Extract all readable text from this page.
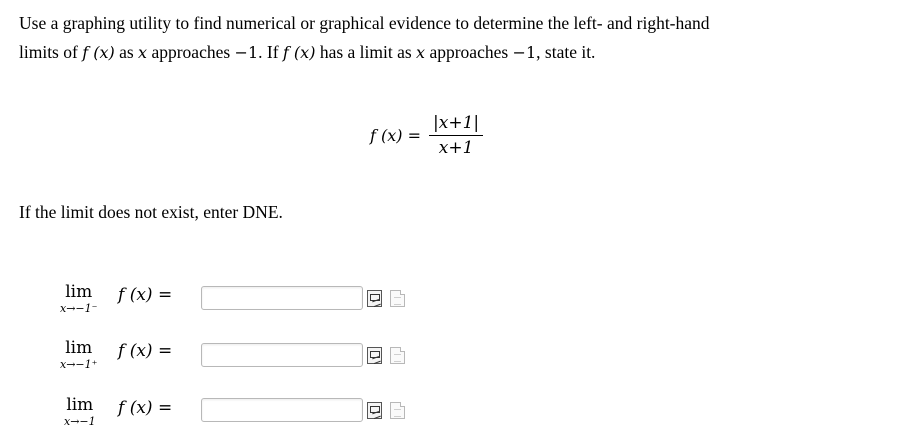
Use a graphing utility to find numerical or graphical evidence to determine the left- and right-hand
limits of f (x) as x approaches −1. If f (x) has a limit as x approaches −1, state it.
f $(x) = \frac{|x+1|}{x+1}$
If the limit does not exist, enter DNE.
lim
x→−1⁻
f (x) =
lim
x→−1⁺
f (x) =
lim
x→−1
f (x) =
